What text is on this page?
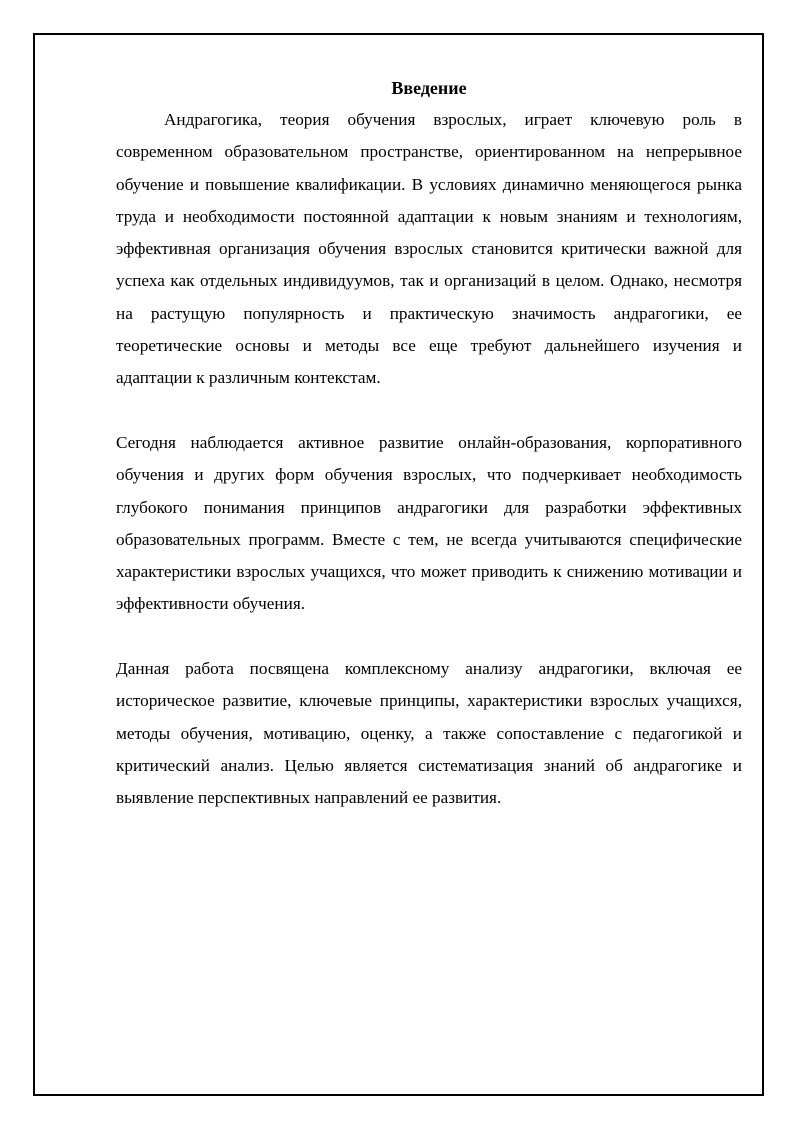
Введение

Андрагогика, теория обучения взрослых, играет ключевую роль в современном образовательном пространстве, ориентированном на непрерывное обучение и повышение квалификации. В условиях динамично меняющегося рынка труда и необходимости постоянной адаптации к новым знаниям и технологиям, эффективная организация обучения взрослых становится критически важной для успеха как отдельных индивидуумов, так и организаций в целом. Однако, несмотря на растущую популярность и практическую значимость андрагогики, ее теоретические основы и методы все еще требуют дальнейшего изучения и адаптации к различным контекстам.

Сегодня наблюдается активное развитие онлайн-образования, корпоративного обучения и других форм обучения взрослых, что подчеркивает необходимость глубокого понимания принципов андрагогики для разработки эффективных образовательных программ. Вместе с тем, не всегда учитываются специфические характеристики взрослых учащихся, что может приводить к снижению мотивации и эффективности обучения.

Данная работа посвящена комплексному анализу андрагогики, включая ее историческое развитие, ключевые принципы, характеристики взрослых учащихся, методы обучения, мотивацию, оценку, а также сопоставление с педагогикой и критический анализ. Целью является систематизация знаний об андрагогике и выявление перспективных направлений ее развития.
